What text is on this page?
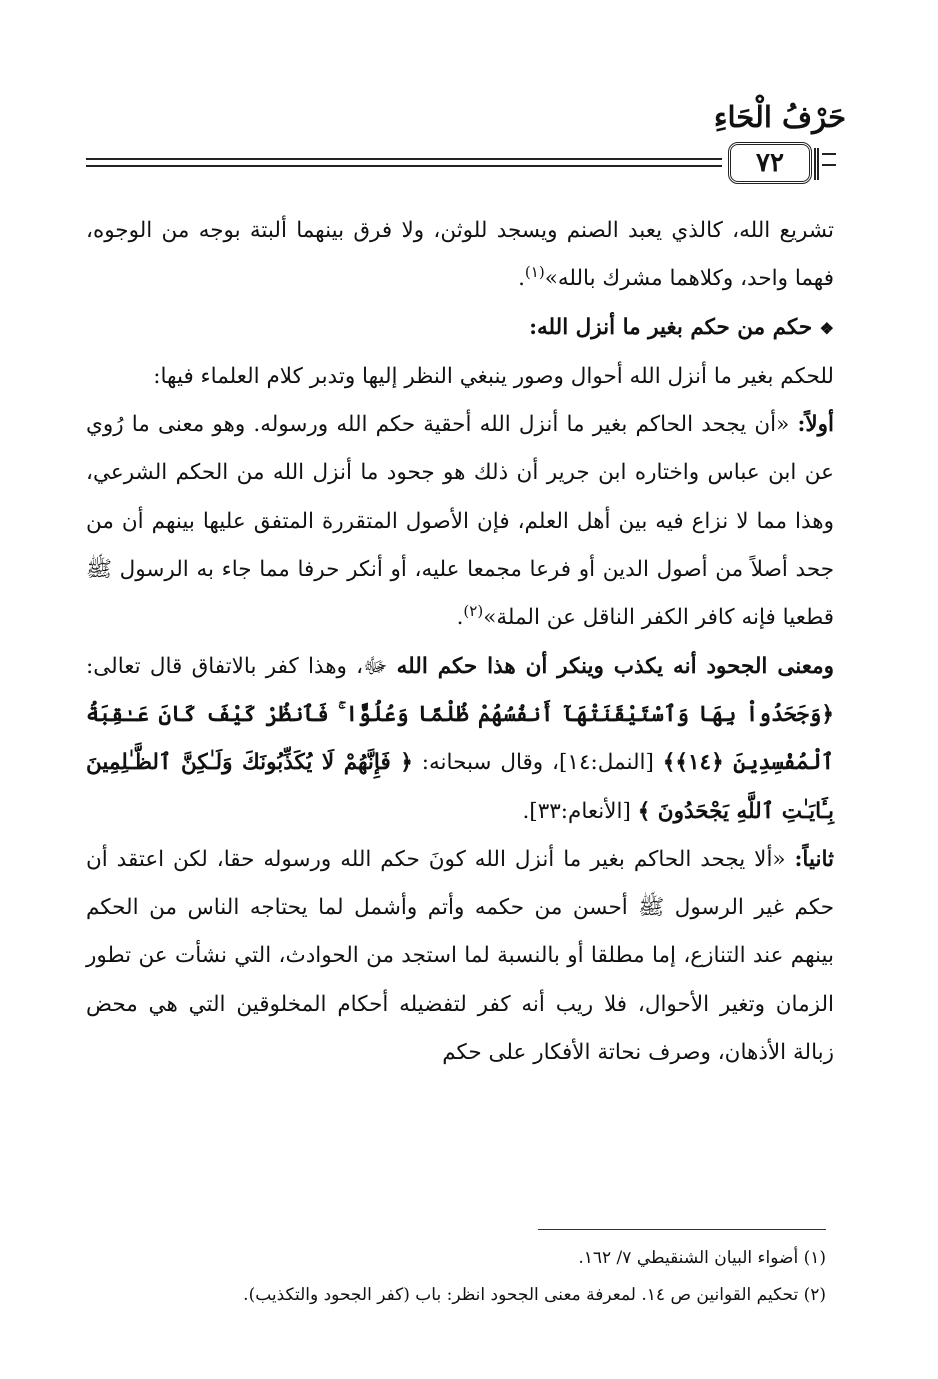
حَرْفُ الْحَاءِ
٧٢

تشريع الله، كالذي يعبد الصنم ويسجد للوثن، ولا فرق بينهما ألبتة بوجه من الوجوه، فهما واحد، وكلاهما مشرك بالله»$^{(١)}$.

❖ حكم من حكم بغير ما أنزل الله:

للحكم بغير ما أنزل الله أحوال وصور ينبغي النظر إليها وتدبر كلام العلماء فيها:

أولاً: «أن يجحد الحاكم بغير ما أنزل الله أحقية حكم الله ورسوله. وهو معنى ما رُوي عن ابن عباس واختاره ابن جرير أن ذلك هو جحود ما أنزل الله من الحكم الشرعي، وهذا مما لا نزاع فيه بين أهل العلم، فإن الأصول المتقررة المتفق عليها بينهم أن من جحد أصلاً من أصول الدين أو فرعا مجمعا عليه، أو أنكر حرفا مما جاء به الرسول ﷺ قطعيا فإنه كافر الكفر الناقل عن الملة»$^{(٢)}$.

ومعنى الجحود أنه يكذب وينكر أن هذا حكم الله ﷻ، وهذا كفر بالاتفاق قال تعالى: ﴿وَجَحَدُواْ بِهَا وَٱسْتَيْقَنَتْهَآ أَنفُسُهُمْ ظُلْمًا وَعُلُوًّا ۚ فَٱنظُرْ كَيْفَ كَانَ عَـٰقِبَةُ ٱلْمُفْسِدِينَ ﴿١٤﴾﴾ [النمل:١٤]، وقال سبحانه: ﴿ فَإِنَّهُمْ لَا يُكَذِّبُونَكَ وَلَـٰكِنَّ ٱلظَّـٰلِمِينَ بِـَٔايَـٰتِ ٱللَّهِ يَجْحَدُونَ ﴾ [الأنعام:٣٣].

ثانياً: «ألا يجحد الحاكم بغير ما أنزل الله كونَ حكم الله ورسوله حقا، لكن اعتقد أن حكم غير الرسول ﷺ أحسن من حكمه وأتم وأشمل لما يحتاجه الناس من الحكم بينهم عند التنازع، إما مطلقا أو بالنسبة لما استجد من الحوادث، التي نشأت عن تطور الزمان وتغير الأحوال، فلا ريب أنه كفر لتفضيله أحكام المخلوقين التي هي محض زبالة الأذهان، وصرف نحاتة الأفكار على حكم

(١) أضواء البيان الشنقيطي ٧/ ١٦٢.

(٢) تحكيم القوانين ص ١٤. لمعرفة معنى الجحود انظر: باب (كفر الجحود والتكذيب).
